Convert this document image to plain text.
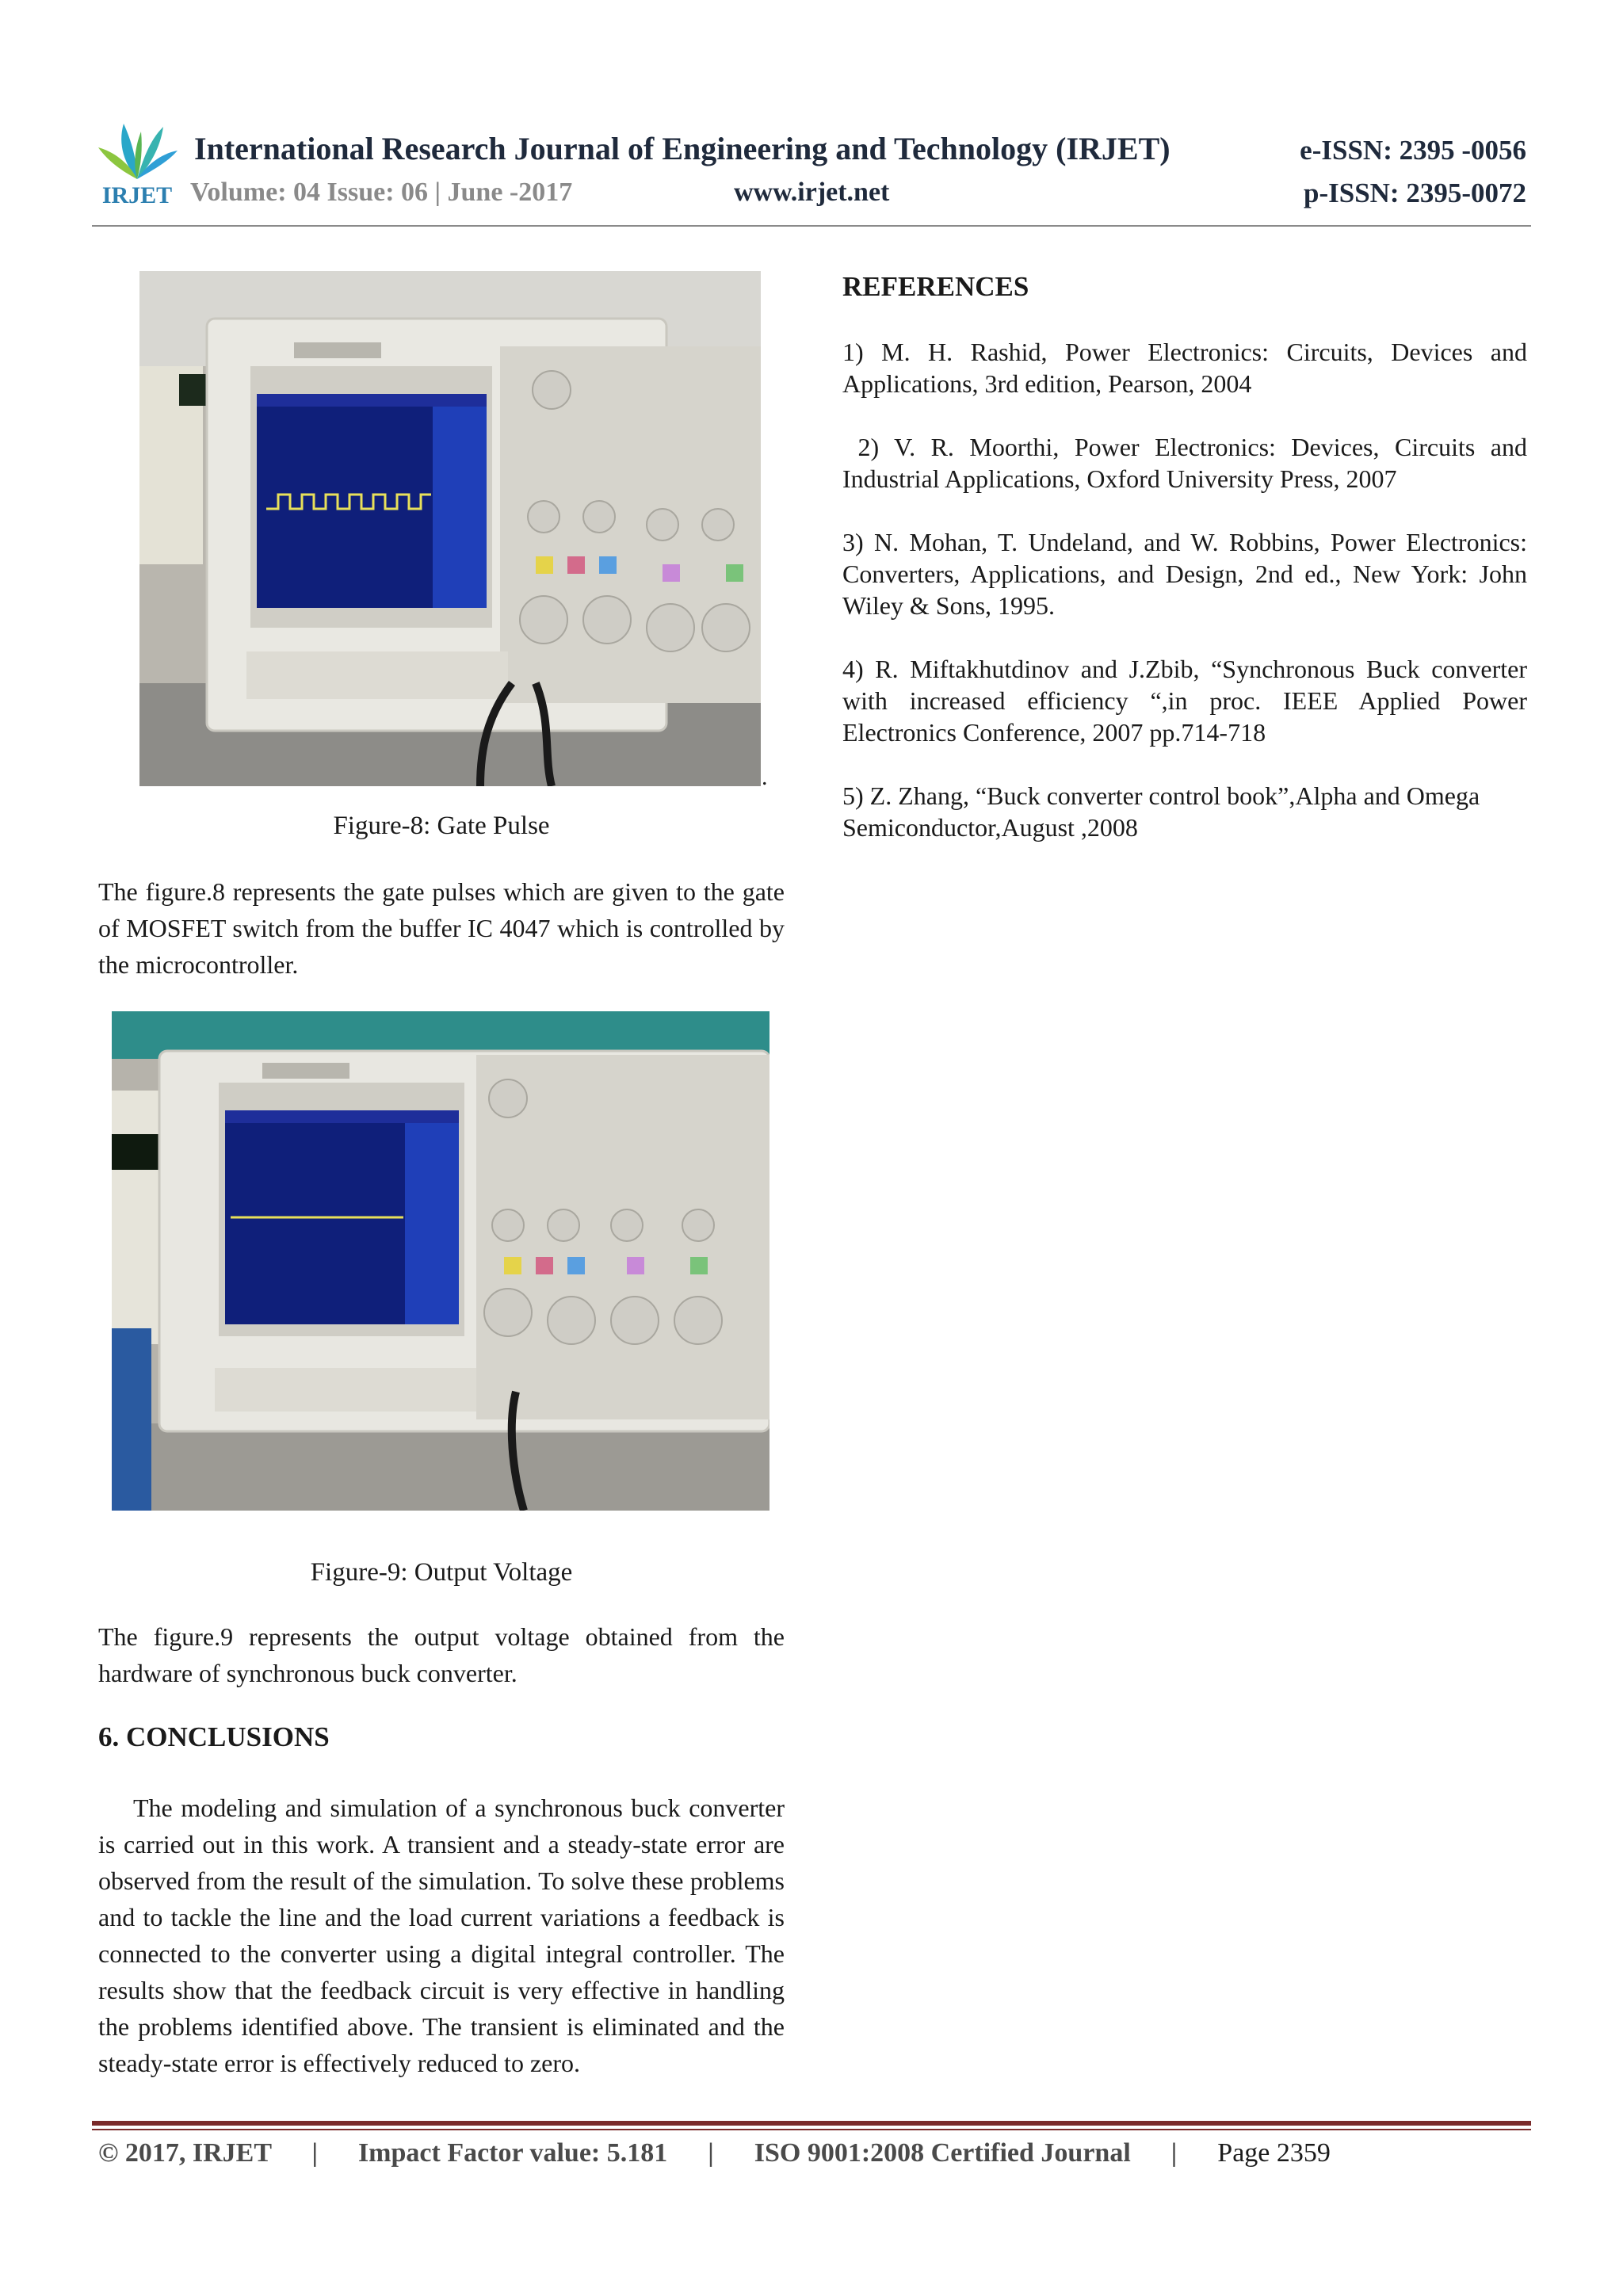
IRJET
International Research Journal of Engineering and Technology (IRJET)	e-ISSN: 2395 -0056
Volume: 04 Issue: 06 | June -2017	www.irjet.net	p-ISSN: 2395-0072
.
Figure-8: Gate Pulse

The figure.8 represents the gate pulses which are given to the gate of MOSFET switch from the buffer IC 4047 which is controlled by the microcontroller.

Figure-9: Output Voltage

The figure.9 represents the output voltage obtained from the hardware of synchronous buck converter.

6. CONCLUSIONS

The modeling and simulation of a synchronous buck converter is carried out in this work. A transient and a steady-state error are observed from the result of the simulation. To solve these problems and to tackle the line and the load current variations a feedback is connected to the converter using a digital integral controller. The results show that the feedback circuit is very effective in handling the problems identified above. The transient is eliminated and the steady-state error is effectively reduced to zero.

REFERENCES

1) M. H. Rashid, Power Electronics: Circuits, Devices and Applications, 3rd edition, Pearson, 2004

2) V. R. Moorthi, Power Electronics: Devices, Circuits and Industrial Applications, Oxford University Press, 2007

3) N. Mohan, T. Undeland, and W. Robbins, Power Electronics: Converters, Applications, and Design, 2nd ed., New York: John Wiley & Sons, 1995.

4) R. Miftakhutdinov and J.Zbib, “Synchronous Buck converter with increased efficiency “,in proc. IEEE Applied Power Electronics Conference, 2007 pp.714-718

5) Z. Zhang, “Buck converter control book”,Alpha and Omega Semiconductor,August ,2008

© 2017, IRJET | Impact Factor value: 5.181 | ISO 9001:2008 Certified Journal | Page 2359
